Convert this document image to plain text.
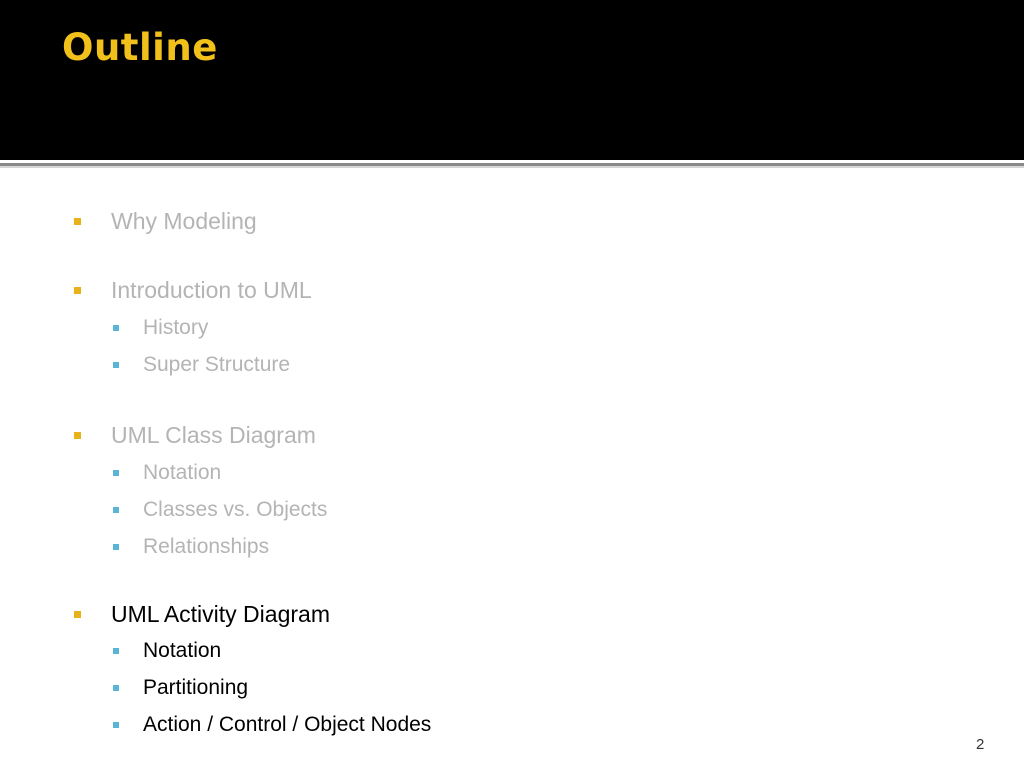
Outline
Why Modeling
Introduction to UML
History
Super Structure
UML Class Diagram
Notation
Classes vs. Objects
Relationships
UML Activity Diagram
Notation
Partitioning
Action / Control / Object Nodes
2
